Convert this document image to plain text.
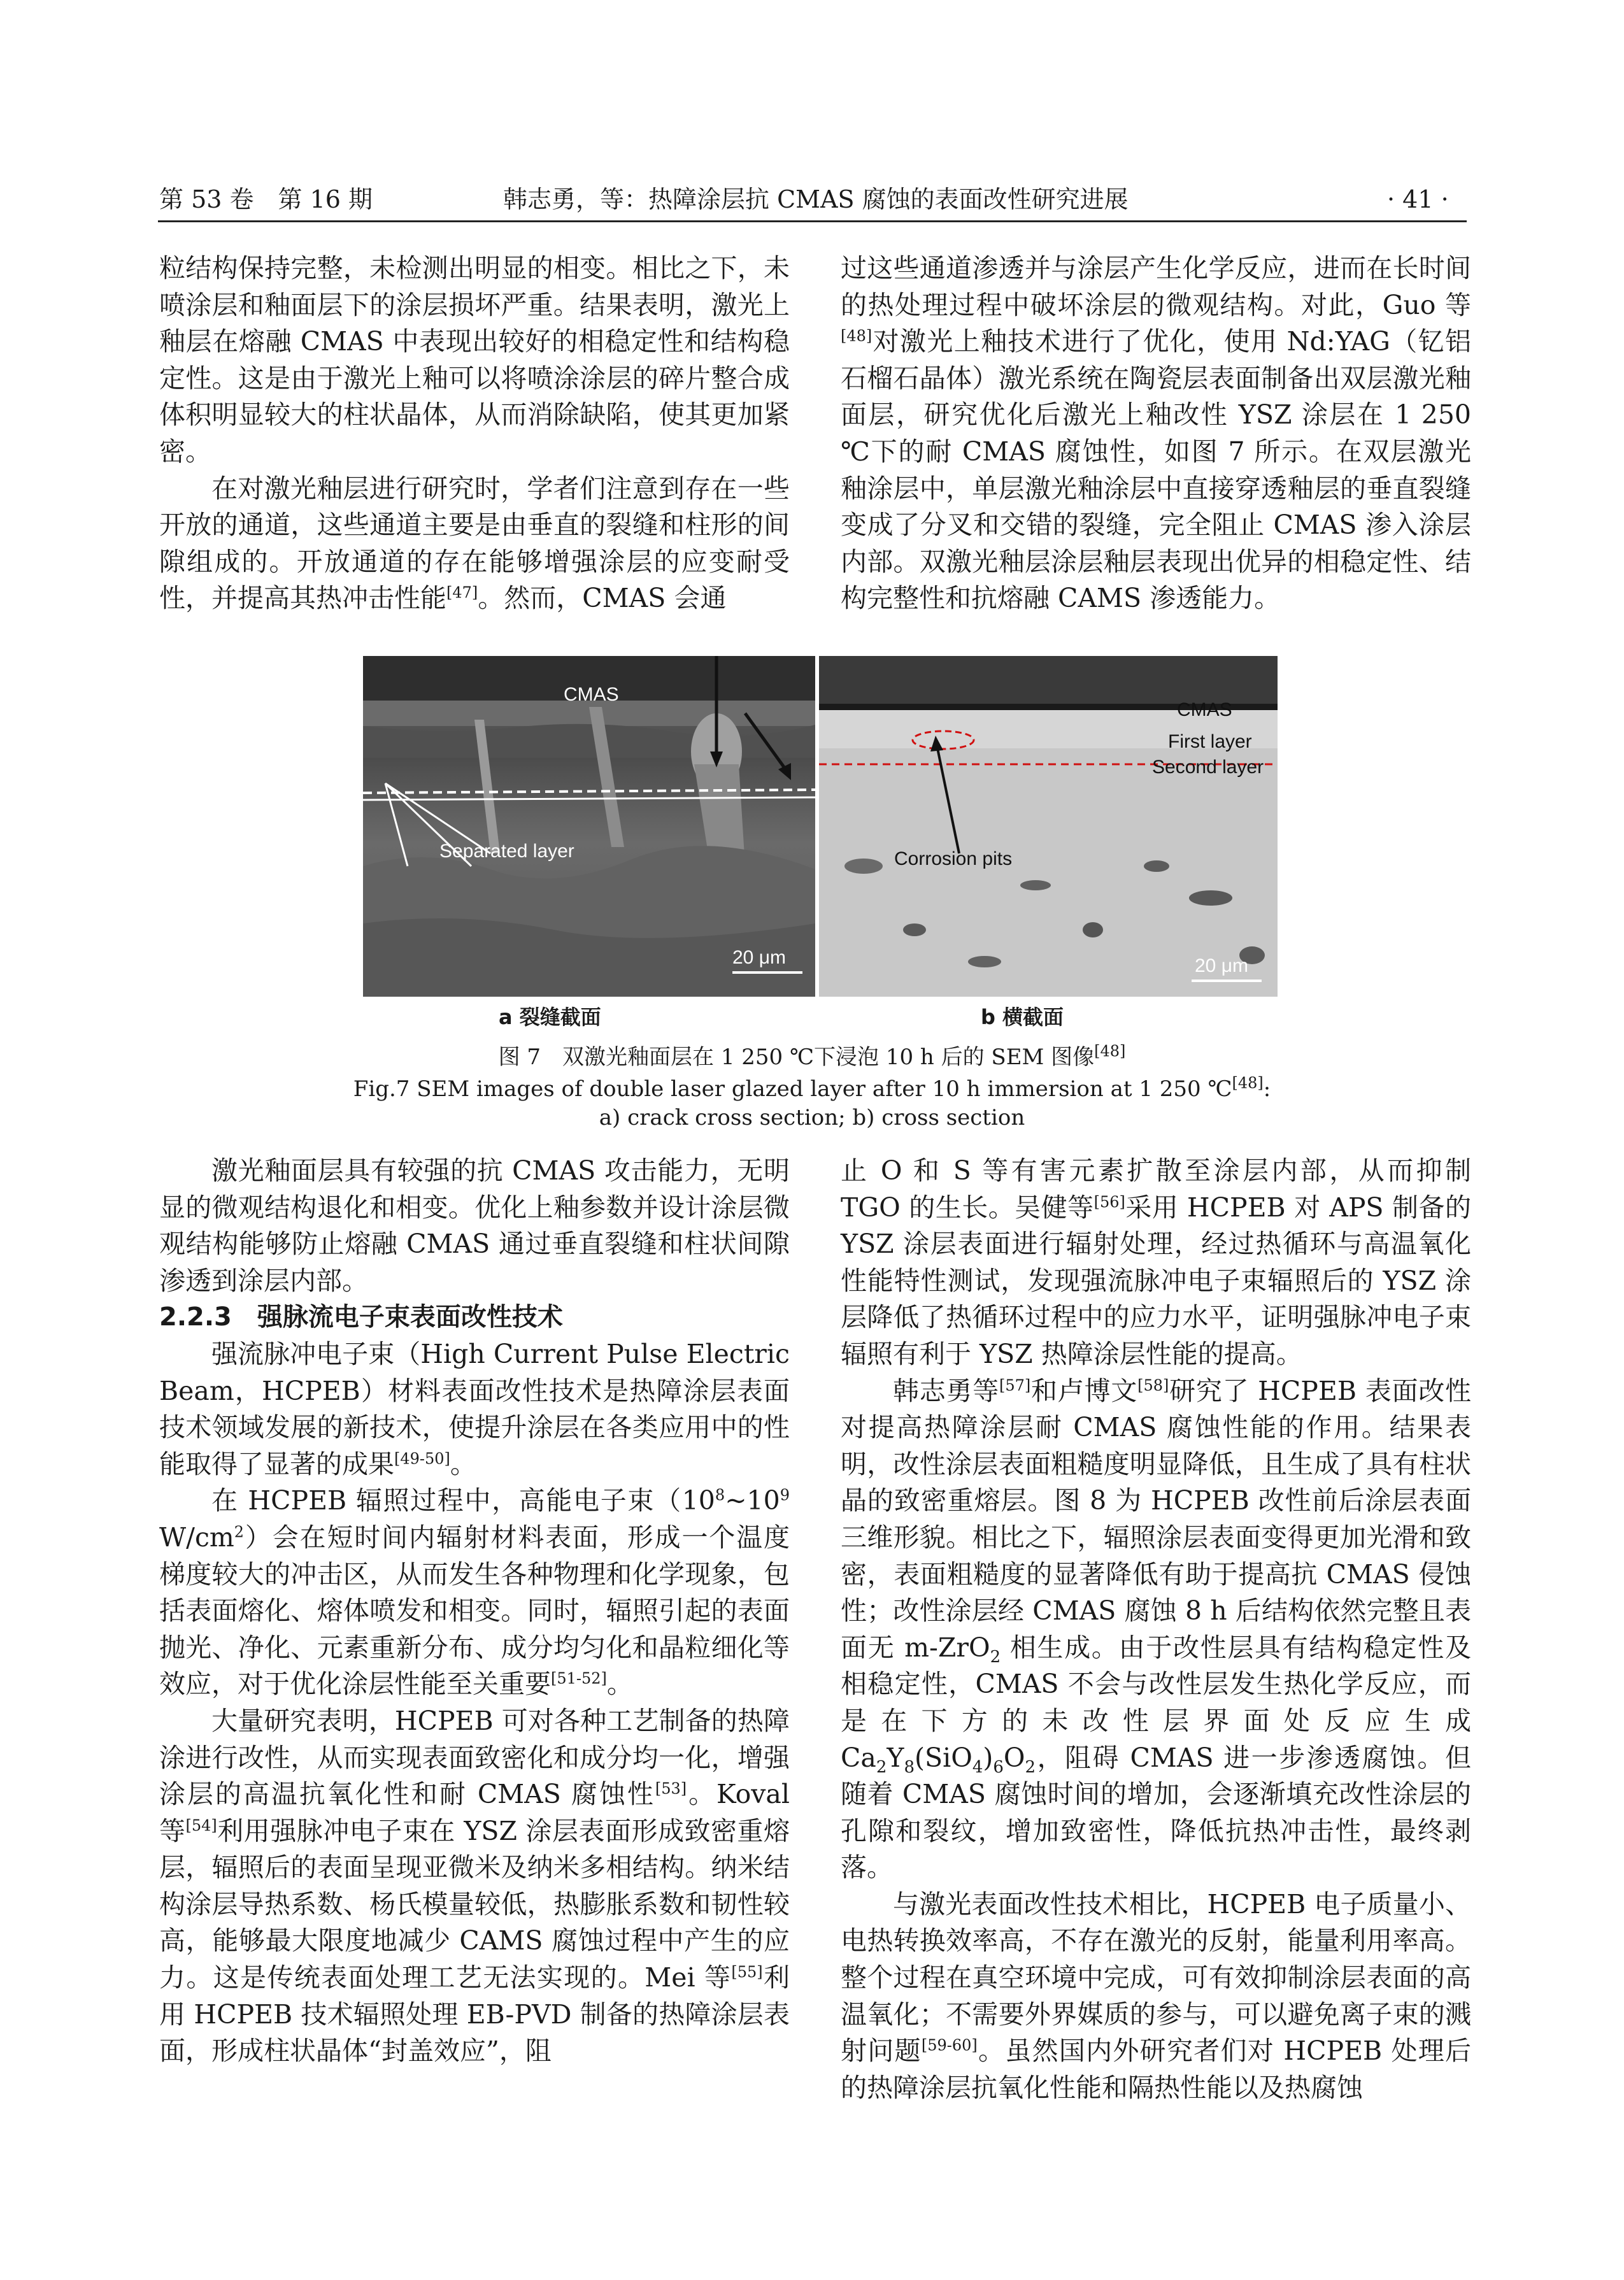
第 53 卷　第 16 期	韩志勇，等：热障涂层抗 CMAS 腐蚀的表面改性研究进展	· 41 ·

粒结构保持完整，未检测出明显的相变。相比之下，未喷涂层和釉面层下的涂层损坏严重。结果表明，激光上釉层在熔融 CMAS 中表现出较好的相稳定性和结构稳定性。这是由于激光上釉可以将喷涂涂层的碎片整合成体积明显较大的柱状晶体，从而消除缺陷，使其更加紧密。

在对激光釉层进行研究时，学者们注意到存在一些开放的通道，这些通道主要是由垂直的裂缝和柱形的间隙组成的。开放通道的存在能够增强涂层的应变耐受性，并提高其热冲击性能[47]。然而，CMAS 会通

过这些通道渗透并与涂层产生化学反应，进而在长时间的热处理过程中破坏涂层的微观结构。对此，Guo 等[48]对激光上釉技术进行了优化，使用 Nd:YAG（钇铝石榴石晶体）激光系统在陶瓷层表面制备出双层激光釉面层，研究优化后激光上釉改性 YSZ 涂层在 1 250 ℃下的耐 CMAS 腐蚀性，如图 7 所示。在双层激光釉涂层中，单层激光釉涂层中直接穿透釉层的垂直裂缝变成了分叉和交错的裂缝，完全阻止 CMAS 渗入涂层内部。双激光釉层涂层釉层表现出优异的相稳定性、结构完整性和抗熔融 CAMS 渗透能力。

CMAS
Separated layer
20 μm
CMAS
First layer
Second layer
Corrosion pits
20 μm
a 裂缝截面	b 横截面
图 7　双激光釉面层在 1 250 ℃下浸泡 10 h 后的 SEM 图像[48]
Fig.7 SEM images of double laser glazed layer after 10 h immersion at 1 250 ℃[48]:
a) crack cross section; b) cross section

激光釉面层具有较强的抗 CMAS 攻击能力，无明显的微观结构退化和相变。优化上釉参数并设计涂层微观结构能够防止熔融 CMAS 通过垂直裂缝和柱状间隙渗透到涂层内部。

2.2.3　强脉流电子束表面改性技术

强流脉冲电子束（High Current Pulse Electric Beam，HCPEB）材料表面改性技术是热障涂层表面技术领域发展的新技术，使提升涂层在各类应用中的性能取得了显著的成果[49-50]。

在 HCPEB 辐照过程中，高能电子束（$10^8\sim 10^9$ $W/cm^2$）会在短时间内辐射材料表面，形成一个温度梯度较大的冲击区，从而发生各种物理和化学现象，包括表面熔化、熔体喷发和相变。同时，辐照引起的表面抛光、净化、元素重新分布、成分均匀化和晶粒细化等效应，对于优化涂层性能至关重要[51-52]。

大量研究表明，HCPEB 可对各种工艺制备的热障涂进行改性，从而实现表面致密化和成分均一化，增强涂层的高温抗氧化性和耐 CMAS 腐蚀性[53]。Koval 等[54]利用强脉冲电子束在 YSZ 涂层表面形成致密重熔层，辐照后的表面呈现亚微米及纳米多相结构。纳米结构涂层导热系数、杨氏模量较低，热膨胀系数和韧性较高，能够最大限度地减少 CAMS 腐蚀过程中产生的应力。这是传统表面处理工艺无法实现的。Mei 等[55]利用 HCPEB 技术辐照处理 EB-PVD 制备的热障涂层表面，形成柱状晶体“封盖效应”，阻

止 O 和 S 等有害元素扩散至涂层内部，从而抑制 TGO 的生长。吴健等[56]采用 HCPEB 对 APS 制备的 YSZ 涂层表面进行辐射处理，经过热循环与高温氧化性能特性测试，发现强流脉冲电子束辐照后的 YSZ 涂层降低了热循环过程中的应力水平，证明强脉冲电子束辐照有利于 YSZ 热障涂层性能的提高。

韩志勇等[57]和卢博文[58]研究了 HCPEB 表面改性对提高热障涂层耐 CMAS 腐蚀性能的作用。结果表明，改性涂层表面粗糙度明显降低，且生成了具有柱状晶的致密重熔层。图 8 为 HCPEB 改性前后涂层表面三维形貌。相比之下，辐照涂层表面变得更加光滑和致密，表面粗糙度的显著降低有助于提高抗 CMAS 侵蚀性；改性涂层经 CMAS 腐蚀 8 h 后结构依然完整且表面无 m-ZrO$_2$ 相生成。由于改性层具有结构稳定性及相稳定性，CMAS 不会与改性层发生热化学反应，而是在下方的未改性层界面处反应生成 $Ca_2Y_8(SiO_4)_6O_2$，阻碍 CMAS 进一步渗透腐蚀。但随着 CMAS 腐蚀时间的增加，会逐渐填充改性涂层的孔隙和裂纹，增加致密性，降低抗热冲击性，最终剥落。

与激光表面改性技术相比，HCPEB 电子质量小、电热转换效率高，不存在激光的反射，能量利用率高。整个过程在真空环境中完成，可有效抑制涂层表面的高温氧化；不需要外界媒质的参与，可以避免离子束的溅射问题[59-60]。虽然国内外研究者们对 HCPEB 处理后的热障涂层抗氧化性能和隔热性能以及热腐蚀
